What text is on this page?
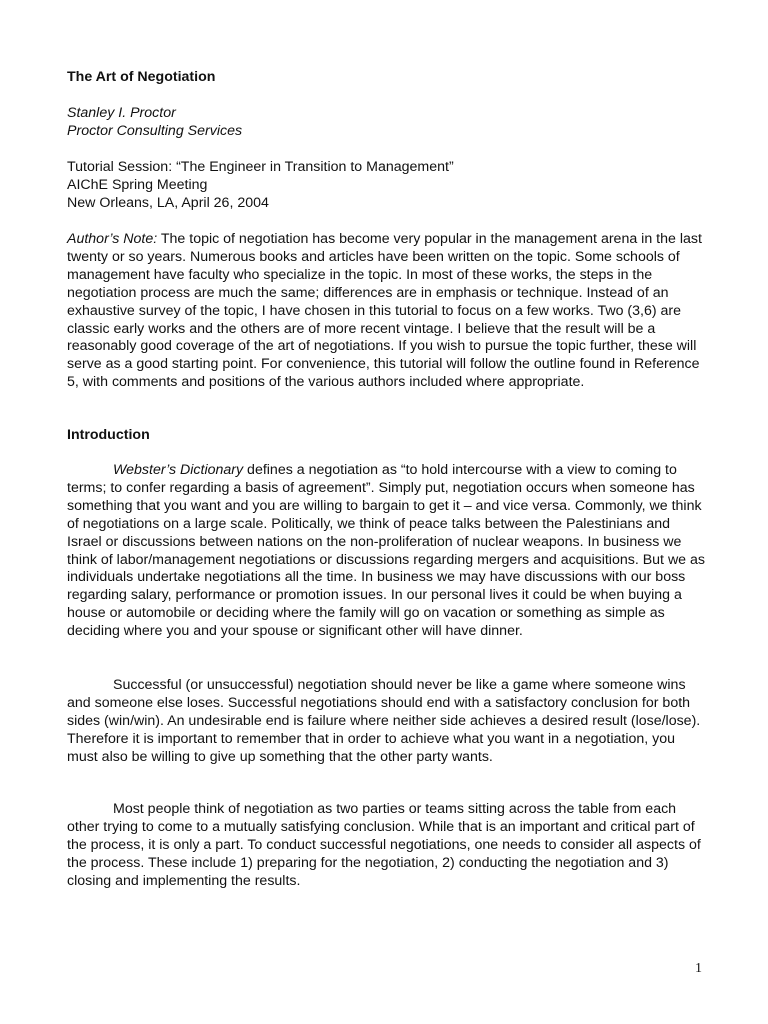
The Art of Negotiation

Stanley I. Proctor

Proctor Consulting Services

Tutorial Session: “The Engineer in Transition to Management”

AIChE Spring Meeting

New Orleans, LA, April 26, 2004

Author’s Note: The topic of negotiation has become very popular in the management arena in the last twenty or so years. Numerous books and articles have been written on the topic. Some schools of management have faculty who specialize in the topic. In most of these works, the steps in the negotiation process are much the same; differences are in emphasis or technique. Instead of an exhaustive survey of the topic, I have chosen in this tutorial to focus on a few works. Two (3,6) are classic early works and the others are of more recent vintage. I believe that the result will be a reasonably good coverage of the art of negotiations. If you wish to pursue the topic further, these will serve as a good starting point. For convenience, this tutorial will follow the outline found in Reference 5, with comments and positions of the various authors included where appropriate.

Introduction

Webster’s Dictionary defines a negotiation as “to hold intercourse with a view to coming to terms; to confer regarding a basis of agreement”. Simply put, negotiation occurs when someone has something that you want and you are willing to bargain to get it – and vice versa. Commonly, we think of negotiations on a large scale. Politically, we think of peace talks between the Palestinians and Israel or discussions between nations on the non-proliferation of nuclear weapons. In business we think of labor/management negotiations or discussions regarding mergers and acquisitions. But we as individuals undertake negotiations all the time. In business we may have discussions with our boss regarding salary, performance or promotion issues. In our personal lives it could be when buying a house or automobile or deciding where the family will go on vacation or something as simple as deciding where you and your spouse or significant other will have dinner.

Successful (or unsuccessful) negotiation should never be like a game where someone wins and someone else loses. Successful negotiations should end with a satisfactory conclusion for both sides (win/win). An undesirable end is failure where neither side achieves a desired result (lose/lose). Therefore it is important to remember that in order to achieve what you want in a negotiation, you must also be willing to give up something that the other party wants.

Most people think of negotiation as two parties or teams sitting across the table from each other trying to come to a mutually satisfying conclusion. While that is an important and critical part of the process, it is only a part. To conduct successful negotiations, one needs to consider all aspects of the process. These include 1) preparing for the negotiation, 2) conducting the negotiation and 3) closing and implementing the results.

1
